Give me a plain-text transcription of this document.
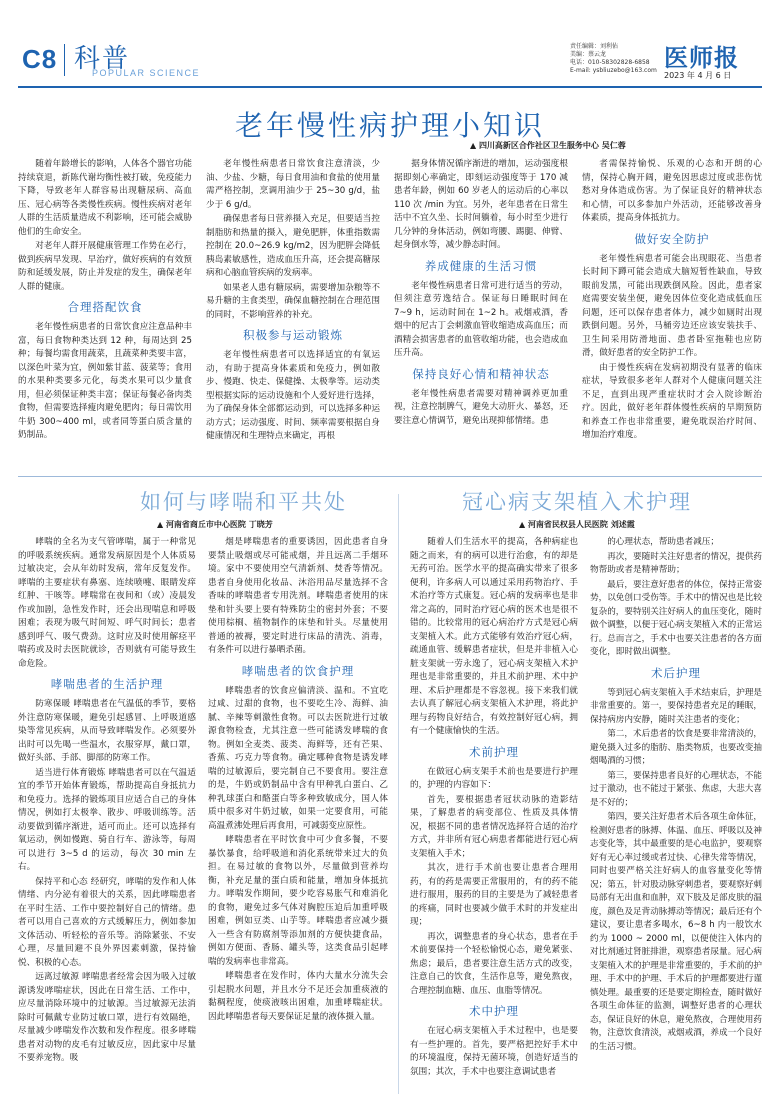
C8 科普
POPULAR SCIENCE
责任编辑：刘利佑
美编：蔡云龙
电话：010-58302828-6858
E-mail: ysbliuzebo@163.com 医师报
2023 年 4 月 6 日
老年慢性病护理小知识
▲ 四川高新区合作社区卫生服务中心 吴仁蓉

随着年龄增长的影响，人体各个器官功能持续衰退，新陈代谢均衡性被打破，免疫能力下降，导致老年人群容易出现糖尿病、高血压、冠心病等各类慢性疾病。慢性疾病对老年人群的生活质量造成不利影响，还可能会威胁他们的生命安全。

对老年人群开展健康管理工作势在必行，做到疾病早发现、早治疗，做好疾病的有效预防和延缓发展，防止并发症的发生，确保老年人群的健康。

合理搭配饮食

老年慢性病患者的日常饮食应注意品种丰富，每日食物种类达到 12 种，每周达到 25 种；每餐均需食用蔬菜，且蔬菜种类要丰富，以深色叶菜为宜，例如紫甘蓝、菠菜等；食用的水果种类要多元化，每类水果可以少量食用，但必须保证种类丰富；保证每餐必备肉类食物，但需要选择瘦肉避免肥肉；每日需饮用牛奶 300~400 ml，或者同等蛋白质含量的奶制品。

老年慢性病患者日常饮食注意清淡，少油、少盐、少糖，每日食用油和食盐的使用量需严格控制，烹调用油少于 25~30 g/d，盐少于 6 g/d。

确保患者每日营养摄入充足，但要适当控制脂肪和热量的摄入，避免肥胖，体重指数需控制在 20.0~26.9 kg/m2，因为肥胖会降低胰岛素敏感性，造成血压升高，还会提高糖尿病和心脑血管疾病的发病率。

如果老人患有糖尿病，需要增加杂粮等不易升糖的主食类型，确保血糖控制在合理范围的同时，不影响营养的补充。

积极参与运动锻炼

老年慢性病患者可以选择适宜的有氧运动，有助于提高身体素质和免疫力，例如散步、慢跑、快走、保健操、太极拳等。运动类型根据实际的运动设施和个人爱好进行选择，为了确保身体全部都运动到，可以选择多种运动方式；运动强度、时间、频率需要根据自身健康情况和生理特点来确定，再根

据身体情况循序渐进的增加，运动强度根据即刻心率确定，即刻运动强度等于 170 减患者年龄，例如 60 岁老人的运动后的心率以 110 次 /min 为宜。另外，老年患者在日常生活中不宜久坐、长时间躺着，每小时至少进行几分钟的身体活动，例如弯腰、踢腿、伸臂、起身倒水等，减少静态时间。

养成健康的生活习惯

老年慢性病患者日常可进行适当的劳动，但须注意劳逸结合。保证每日睡眠时间在 7~9 h，运动时间在 1~2 h。戒烟戒酒，香烟中的尼古丁会刺激血管收缩造成高血压；而酒精会损害患者的血管收缩功能，也会造成血压升高。

保持良好心情和精神状态

老年慢性病患者需要对精神调养更加重视，注意控制脾气，避免大动肝火、暴怒，还要注意心情调节，避免出现抑郁情绪。患

者需保持愉悦、乐观的心态和开朗的心情，保持心胸开阔，避免因思虑过度或悲伤忧愁对身体造成伤害。为了保证良好的精神状态和心情，可以多参加户外活动，还能够改善身体素质，提高身体抵抗力。

做好安全防护

老年慢性病患者可能会出现眼花、当患者长时间下蹲可能会造成大脑短暂性缺血，导致眼前发黑，可能出现跌倒风险。因此，患者家庭需要安装坐便，避免因体位变化造成低血压问题，还可以保存患者体力，减少如厕时出现跌倒问题。另外，马桶旁边还应该安装扶手、卫生间采用防滑地面、患者卧室拖鞋也应防滑，做好患者的安全防护工作。

由于慢性疾病在发病初期没有显著的临床症状，导致很多老年人群对个人健康问题关注不足，直到出现严重症状时才会入院诊断治疗。因此，做好老年群体慢性疾病的早期预防和养查工作也非常重要，避免耽误治疗时间、增加治疗难度。

如何与哮喘和平共处
▲ 河南省商丘市中心医院 丁晓芳

哮喘的全名为支气管哮喘，属于一种常见的呼吸系统疾病。通常发病原因是个人体质易过敏决定，会从年幼时发病，常年反复发作。哮喘的主要症状有鼻塞、连续喷嚏、眼睛发痒红肿、干咳等。哮喘常在夜间和（或）凌晨发作或加剧，急性发作时，还会出现喘息和呼吸困难；表现为吸气时间短、呼气时间长；患者感到呼气、吸气费劲。这时应及时使用解痉平喘药或及时去医院就诊，否则就有可能导致生命危险。

哮喘患者的生活护理

防寒保暖 哮喘患者在气温低的季节，要格外注意防寒保暖，避免引起感冒、上呼吸道感染等常见疾病，从而导致哮喘发作。必须要外出时可以先喝一些温水，衣服穿厚，戴口罩，做好头部、手部、脚部的防寒工作。

适当进行体育锻炼 哮喘患者可以在气温适宜的季节开始体育锻炼，帮助提高自身抵抗力和免疫力。选择的锻炼项目应适合自己的身体情况，例如打太极拳、散步、呼吸训练等。活动要做到循序渐进，适可而止。还可以选择有氧运动，例如慢跑、骑自行车、游泳等，每周可以进行 3~5 d 的运动，每次 30 min 左右。

保持平和心态 经研究，哮喘的发作和人体情绪、内分泌有着很大的关系，因此哮喘患者在平时生活、工作中要控制好自己的情绪。患者可以用自己喜欢的方式缓解压力，例如参加文体活动、听轻松的音乐等。消除紧张、不安心理，尽量回避不良外界因素刺激，保持愉悦、积极的心态。

远离过敏源 哮喘患者经常会因为吸入过敏源诱发哮喘症状，因此在日常生活、工作中，应尽量消除环境中的过敏源。当过敏源无法消除时可佩戴专业防过敏口罩，进行有效隔绝，尽量减少哮喘发作次数和发作程度。很多哮喘患者对动物的皮毛有过敏反应，因此家中尽量不要养宠物。吸

烟是哮喘患者的重要诱因，因此患者自身要禁止吸烟或尽可能戒烟，并且远离二手烟环境。家中不要使用空气清新剂、焚香等情况。患者自身使用化妆品、沐浴用品尽量选择不含香味的哮喘患者专用洗剂。哮喘患者使用的床垫和针头要上要有特殊防尘的密封外套；不要使用棕榈、植物制作的床垫和针头。尽量使用普通的被褥，要定时进行床品的清洗、消毒，有条件可以进行暴晒杀菌。

哮喘患者的饮食护理

哮喘患者的饮食应偏清淡、温和。不宜吃过咸、过甜的食物，也不要吃生冷、海鲜、油腻、辛辣等刺激性食物。可以去医院进行过敏源食物检查，尤其注意一些可能诱发哮喘的食物。例如全麦类、菠类、海鲜等，还有芒果、香蕉、巧克力等食物。确定哪种食物是诱发哮喘的过敏源后，要完制自己不要食用。要注意的是，牛奶或奶制品中含有甲种乳白蛋白、乙种乳球蛋白和酪蛋白等多种致敏成分，国人体质中很多对牛奶过敏，如果一定要食用，可能高温煮沸处理后再食用，可减弱变应原性。

哮喘患者在平时饮食中可少食多餐，不要暴饮暴食，给呼吸道和消化系统带来过大的负担。在易过敏的食物以外，尽量做到营养均衡，补充足量的蛋白质和能量，增加身体抵抗力。哮喘发作期间，要少吃容易胀气和难消化的食物，避免过多气体对胸腔压迫后加重呼吸困难，例如豆类、山芋等。哮喘患者应减少摄入一些含有防腐剂等添加剂的方便快捷食品，例如方便面、香肠、罐头等，这类食品引起哮喘的发病率也非常高。

哮喘患者在发作时，体内大量水分流失会引起脱水问题，并且水分不足还会加重痰液的黏稠程度，使痰液咳出困难，加重哮喘症状。因此哮喘患者每天要保证足量的液体摄入量。

冠心病支架植入术护理
▲ 河南省民权县人民医院 刘述霞

随着人们生活水平的提高，各种病症也随之而来，有的病可以进行治愈，有的却是无药可治。医学水平的提高确实带来了很多便利，许多病人可以通过采用药物治疗、手术治疗等方式康复。冠心病的发病率也是非常之高的，同时治疗冠心病的医术也是很不错的。比较常用的冠心病治疗方式是冠心病支架植入术。此方式能够有效治疗冠心病，疏通血管、缓解患者症状，但是并非植入心脏支架就一劳永逸了，冠心病支架植入术护理也是非常重要的，并且术前护理、术中护理、术后护理都是不容忽视。接下来我们就去认真了解冠心病支架植入术护理，将此护理与药物良好结合，有效控制好冠心病，拥有一个健康愉快的生活。

术前护理

在做冠心病支架手术前也是要进行护理的，护理的内容如下：

首先，要根据患者冠状动脉的造影结果，了解患者的病变部位、性质及具体情况，根据不同的患者情况选择符合适的治疗方式，并非所有冠心病患者都能进行冠心病支架植入手术；

其次，进行手术前也要让患者合理用药，有的药是需要正常服用的，有的药不能进行服用，服药的目的主要是为了减轻患者的疼痛，同时也要减少做手术时的并发症出现；

再次，调整患者的身心状态，患者在手术前要保持一个轻松愉悦心态，避免紧张、焦虑；最后，患者要注意生活方式的改变，注意自己的饮食，生活作息等，避免熬夜，合理控制血糖、血压、血脂等情况。

术中护理

在冠心病支架植入手术过程中，也是要有一些护理的。首先，要严格把控好手术中的环境温度，保持无菌环境，创造好适当的氛围；其次，手术中也要注意调试患者

的心理状态，帮助患者减压；

再次，要随时关注好患者的情况，提供药物帮助或者是精神帮助；

最后，要注意好患者的体位，保持正常姿势，以免创口受伤等。手术中的情况也是比较复杂的，要特别关注好病人的血压变化，随时做个调整，以便于冠心病支架植入术的正常运行。总而言之，手术中也要关注患者的各方面变化，即时做出调整。

术后护理

等到冠心病支架植入手术结束后，护理是非常重要的。第一，要保持患者充足的睡眠，保持病房内安静，随时关注患者的变化；

第二，术后患者的饮食是要非常清淡的，避免摄入过多的脂肪、脂类物质，也要改变抽烟喝酒的习惯；

第三，要保持患者良好的心理状态，不能过于激动，也不能过于紧张、焦虑，大悲大喜是不好的；

第四，要关注好患者术后各项生命体征，检测好患者的脉搏、体温、血压、呼吸以及神志变化等，其中最重要的是心电监护，要观察好有无心率过缓或者过快、心律失常等情况，同时也要严格关注好病人的血容量变化等情况；第五，针对股动脉穿刺患者，要观察好刺局部有无出血和血肿，双下肢及足部皮肤的温度，颜色及足背动脉搏动等情况；最后还有个建议，要让患者多喝水，6~8 h 内一般饮水约为 1000 ~ 2000 ml，以便使注入体内的对比剂通过肾脏排泄，观察患者尿量。冠心病支架植入术的护理是非常重要的，手术前的护理、手术中的护理、手术后的护理都要进行谨慎处理。最重要的还是要定期检查，随时做好各项生命体征的监测，调整好患者的心理状态，保证良好的休息，避免熬夜，合理使用药物，注意饮食清淡，戒烟戒酒，养成一个良好的生活习惯。
